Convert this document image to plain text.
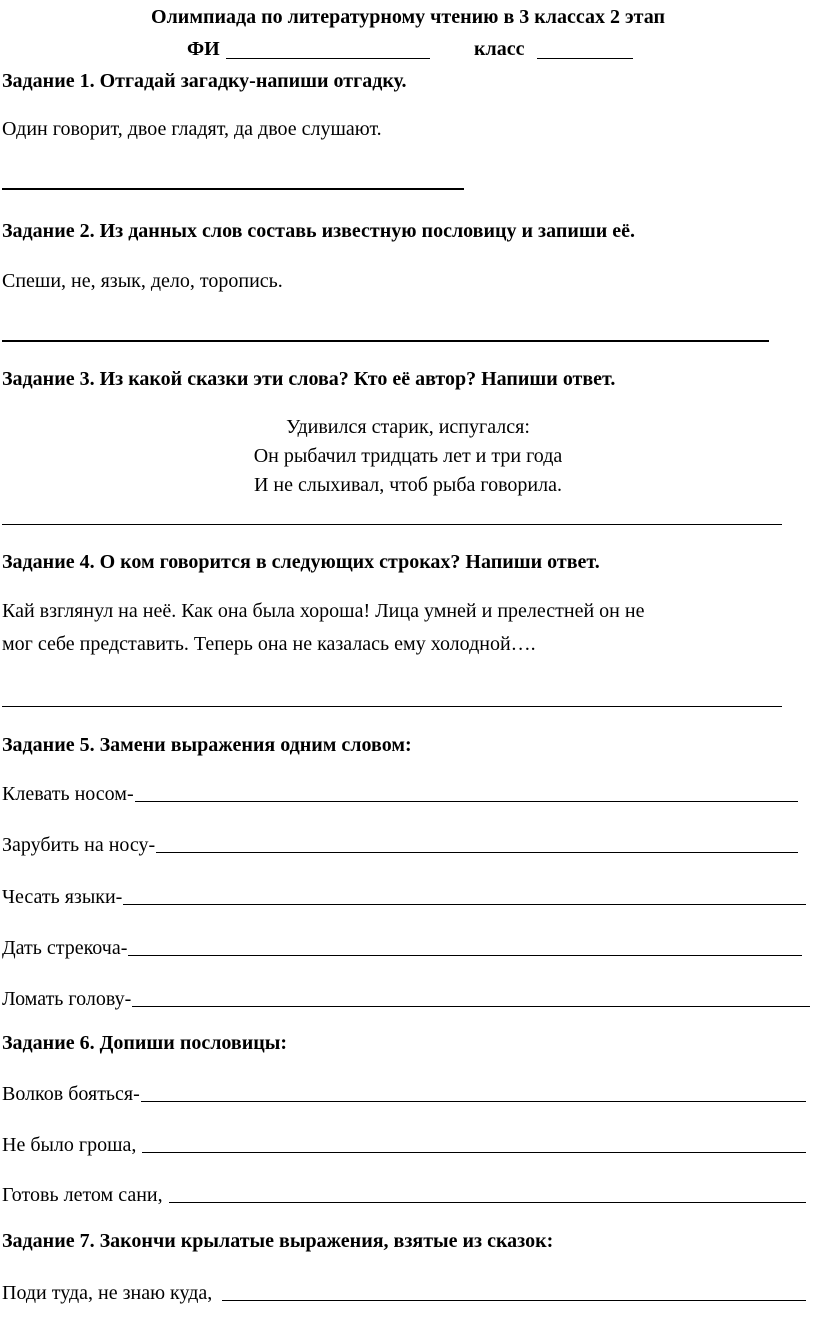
Олимпиада по литературному чтению в 3 классах 2 этап
ФИ	класс
Задание 1. Отгадай загадку-напиши отгадку.
Один говорит, двое гладят, да двое слушают.
Задание 2. Из данных слов составь известную пословицу и запиши её.
Спеши, не, язык, дело, торопись.
Задание 3. Из какой сказки эти слова? Кто её автор? Напиши ответ.
Удивился старик, испугался:
Он рыбачил тридцать лет и три года
И не слыхивал, чтоб рыба говорила.
Задание 4. О ком говорится в следующих строках? Напиши ответ.
Кай взглянул на неё. Как она была хороша! Лица умней и прелестней он не
мог себе представить. Теперь она не казалась ему холодной….
Задание 5. Замени выражения одним словом:
Клевать носом-
Зарубить на носу-
Чесать языки-
Дать стрекоча-
Ломать голову-
Задание 6. Допиши пословицы:
Волков бояться-
Не было гроша,
Готовь летом сани,
Задание 7. Закончи крылатые выражения, взятые из сказок:
Поди туда, не знаю куда,
